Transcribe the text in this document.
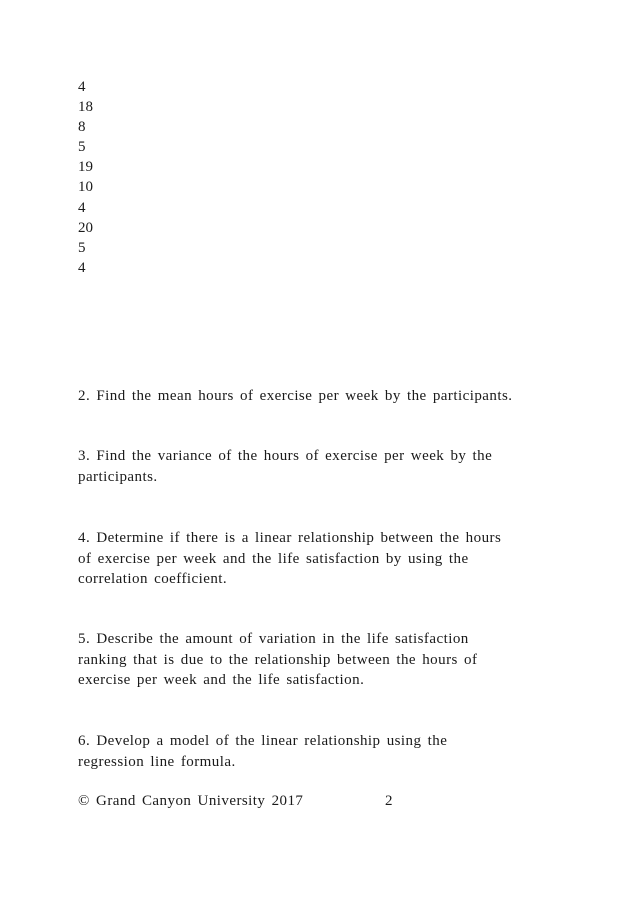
4
18
8
5
19
10
4
20
5
4
2. Find the mean hours of exercise per week by the participants.
3. Find the variance of the hours of exercise per week by the
participants.
4. Determine if there is a linear relationship between the hours
of exercise per week and the life satisfaction by using the
correlation coefficient.
5. Describe the amount of variation in the life satisfaction
ranking that is due to the relationship between the hours of
exercise per week and the life satisfaction.
6. Develop a model of the linear relationship using the
regression line formula.
© Grand Canyon University 2017	2
